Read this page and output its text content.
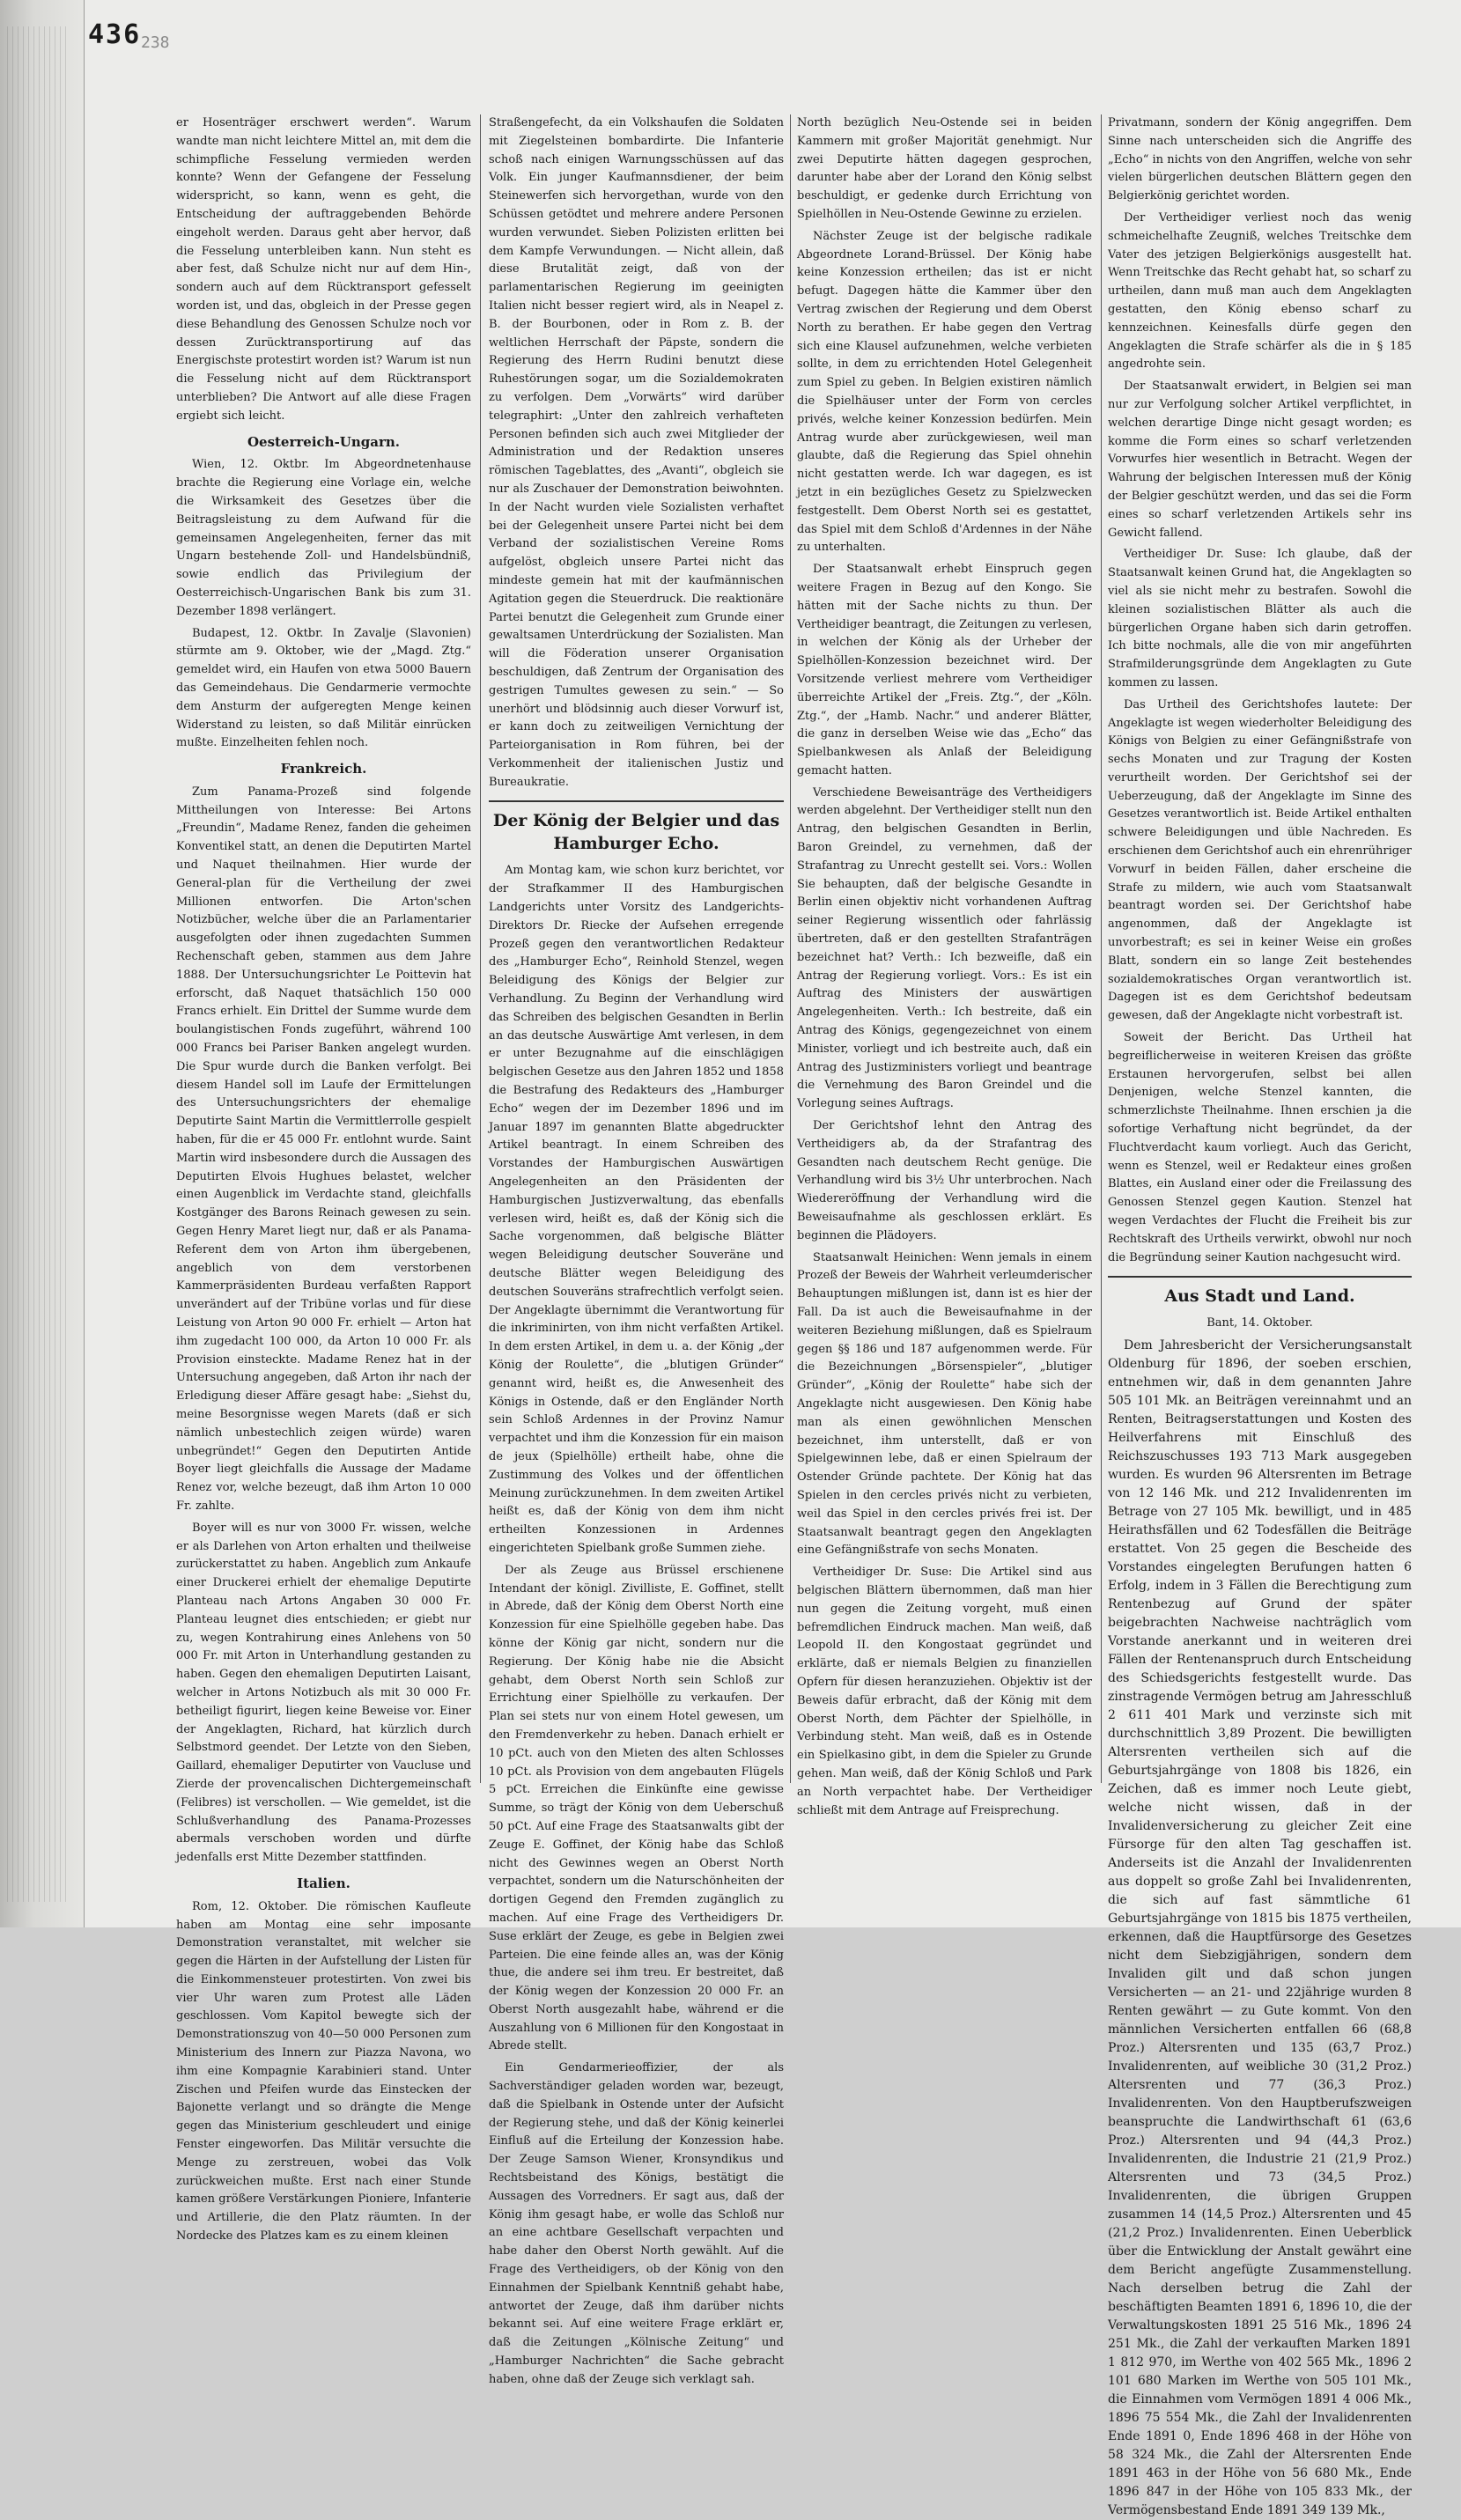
436 238

er Hosenträger erschwert werden“. Warum wandte man nicht leichtere Mittel an, mit dem die schimpfliche Fesselung vermieden werden konnte? Wenn der Gefangene der Fesselung widerspricht, so kann, wenn es geht, die Entscheidung der auftraggebenden Behörde eingeholt werden. Daraus geht aber hervor, daß die Fesselung unterbleiben kann. Nun steht es aber fest, daß Schulze nicht nur auf dem Hin-, sondern auch auf dem Rücktransport gefesselt worden ist, und das, obgleich in der Presse gegen diese Behandlung des Genossen Schulze noch vor dessen Zurücktransportirung auf das Energischste protestirt worden ist? Warum ist nun die Fesselung nicht auf dem Rücktransport unterblieben? Die Antwort auf alle diese Fragen ergiebt sich leicht.

Oesterreich-Ungarn.

Wien, 12. Oktbr. Im Abgeordnetenhause brachte die Regierung eine Vorlage ein, welche die Wirksamkeit des Gesetzes über die Beitragsleistung zu dem Aufwand für die gemeinsamen Angelegenheiten, ferner das mit Ungarn bestehende Zoll- und Handelsbündniß, sowie endlich das Privilegium der Oesterreichisch-Ungarischen Bank bis zum 31. Dezember 1898 verlängert.

Budapest, 12. Oktbr. In Zavalje (Slavonien) stürmte am 9. Oktober, wie der „Magd. Ztg.“ gemeldet wird, ein Haufen von etwa 5000 Bauern das Gemeindehaus. Die Gendarmerie vermochte dem Ansturm der aufgeregten Menge keinen Widerstand zu leisten, so daß Militär einrücken mußte. Einzelheiten fehlen noch.

Frankreich.

Zum Panama-Prozeß sind folgende Mittheilungen von Interesse: Bei Artons „Freundin“, Madame Renez, fanden die geheimen Konventikel statt, an denen die Deputirten Martel und Naquet theilnahmen. Hier wurde der General-plan für die Vertheilung der zwei Millionen entworfen. Die Arton'schen Notizbücher, welche über die an Parlamentarier ausgefolgten oder ihnen zugedachten Summen Rechenschaft geben, stammen aus dem Jahre 1888. Der Untersuchungsrichter Le Poittevin hat erforscht, daß Naquet thatsächlich 150 000 Francs erhielt. Ein Drittel der Summe wurde dem boulangistischen Fonds zugeführt, während 100 000 Francs bei Pariser Banken angelegt wurden. Die Spur wurde durch die Banken verfolgt. Bei diesem Handel soll im Laufe der Ermittelungen des Untersuchungsrichters der ehemalige Deputirte Saint Martin die Vermittlerrolle gespielt haben, für die er 45 000 Fr. entlohnt wurde. Saint Martin wird insbesondere durch die Aussagen des Deputirten Elvois Hughues belastet, welcher einen Augenblick im Verdachte stand, gleichfalls Kostgänger des Barons Reinach gewesen zu sein. Gegen Henry Maret liegt nur, daß er als Panama-Referent dem von Arton ihm übergebenen, angeblich von dem verstorbenen Kammerpräsidenten Burdeau verfaßten Rapport unverändert auf der Tribüne vorlas und für diese Leistung von Arton 90 000 Fr. erhielt — Arton hat ihm zugedacht 100 000, da Arton 10 000 Fr. als Provision einsteckte. Madame Renez hat in der Untersuchung angegeben, daß Arton ihr nach der Erledigung dieser Affäre gesagt habe: „Siehst du, meine Besorgnisse wegen Marets (daß er sich nämlich unbestechlich zeigen würde) waren unbegründet!“ Gegen den Deputirten Antide Boyer liegt gleichfalls die Aussage der Madame Renez vor, welche bezeugt, daß ihm Arton 10 000 Fr. zahlte.

Boyer will es nur von 3000 Fr. wissen, welche er als Darlehen von Arton erhalten und theilweise zurückerstattet zu haben. Angeblich zum Ankaufe einer Druckerei erhielt der ehemalige Deputirte Planteau nach Artons Angaben 30 000 Fr. Planteau leugnet dies entschieden; er giebt nur zu, wegen Kontrahirung eines Anlehens von 50 000 Fr. mit Arton in Unterhandlung gestanden zu haben. Gegen den ehemaligen Deputirten Laisant, welcher in Artons Notizbuch als mit 30 000 Fr. betheiligt figurirt, liegen keine Beweise vor. Einer der Angeklagten, Richard, hat kürzlich durch Selbstmord geendet. Der Letzte von den Sieben, Gaillard, ehemaliger Deputirter von Vaucluse und Zierde der provencalischen Dichtergemeinschaft (Felibres) ist verschollen. — Wie gemeldet, ist die Schlußverhandlung des Panama-Prozesses abermals verschoben worden und dürfte jedenfalls erst Mitte Dezember stattfinden.

Italien.

Rom, 12. Oktober. Die römischen Kaufleute haben am Montag eine sehr imposante Demonstration veranstaltet, mit welcher sie gegen die Härten in der Aufstellung der Listen für die Einkommensteuer protestirten. Von zwei bis vier Uhr waren zum Protest alle Läden geschlossen. Vom Kapitol bewegte sich der Demonstrationszug von 40—50 000 Personen zum Ministerium des Innern zur Piazza Navona, wo ihm eine Kompagnie Karabinieri stand. Unter Zischen und Pfeifen wurde das Einstecken der Bajonette verlangt und so drängte die Menge gegen das Ministerium geschleudert und einige Fenster eingeworfen. Das Militär versuchte die Menge zu zerstreuen, wobei das Volk zurückweichen mußte. Erst nach einer Stunde kamen größere Verstärkungen Pioniere, Infanterie und Artillerie, die den Platz räumten. In der Nordecke des Platzes kam es zu einem kleinen

Straßengefecht, da ein Volkshaufen die Soldaten mit Ziegelsteinen bombardirte. Die Infanterie schoß nach einigen Warnungsschüssen auf das Volk. Ein junger Kaufmannsdiener, der beim Steinewerfen sich hervorgethan, wurde von den Schüssen getödtet und mehrere andere Personen wurden verwundet. Sieben Polizisten erlitten bei dem Kampfe Verwundungen. — Nicht allein, daß diese Brutalität zeigt, daß von der parlamentarischen Regierung im geeinigten Italien nicht besser regiert wird, als in Neapel z. B. der Bourbonen, oder in Rom z. B. der weltlichen Herrschaft der Päpste, sondern die Regierung des Herrn Rudini benutzt diese Ruhestörungen sogar, um die Sozialdemokraten zu verfolgen. Dem „Vorwärts“ wird darüber telegraphirt: „Unter den zahlreich verhafteten Personen befinden sich auch zwei Mitglieder der Administration und der Redaktion unseres römischen Tageblattes, des „Avanti“, obgleich sie nur als Zuschauer der Demonstration beiwohnten. In der Nacht wurden viele Sozialisten verhaftet bei der Gelegenheit unsere Partei nicht bei dem Verband der sozialistischen Vereine Roms aufgelöst, obgleich unsere Partei nicht das mindeste gemein hat mit der kaufmännischen Agitation gegen die Steuerdruck. Die reaktionäre Partei benutzt die Gelegenheit zum Grunde einer gewaltsamen Unterdrückung der Sozialisten. Man will die Föderation unserer Organisation beschuldigen, daß Zentrum der Organisation des gestrigen Tumultes gewesen zu sein.“ — So unerhört und blödsinnig auch dieser Vorwurf ist, er kann doch zu zeitweiligen Vernichtung der Parteiorganisation in Rom führen, bei der Verkommenheit der italienischen Justiz und Bureaukratie.

Der König der Belgier und das Hamburger Echo.

Am Montag kam, wie schon kurz berichtet, vor der Strafkammer II des Hamburgischen Landgerichts unter Vorsitz des Landgerichts-Direktors Dr. Riecke der Aufsehen erregende Prozeß gegen den verantwortlichen Redakteur des „Hamburger Echo“, Reinhold Stenzel, wegen Beleidigung des Königs der Belgier zur Verhandlung. Zu Beginn der Verhandlung wird das Schreiben des belgischen Gesandten in Berlin an das deutsche Auswärtige Amt verlesen, in dem er unter Bezugnahme auf die einschlägigen belgischen Gesetze aus den Jahren 1852 und 1858 die Bestrafung des Redakteurs des „Hamburger Echo“ wegen der im Dezember 1896 und im Januar 1897 im genannten Blatte abgedruckter Artikel beantragt. In einem Schreiben des Vorstandes der Hamburgischen Auswärtigen Angelegenheiten an den Präsidenten der Hamburgischen Justizverwaltung, das ebenfalls verlesen wird, heißt es, daß der König sich die Sache vorgenommen, daß belgische Blätter wegen Beleidigung deutscher Souveräne und deutsche Blätter wegen Beleidigung des deutschen Souveräns strafrechtlich verfolgt seien. Der Angeklagte übernimmt die Verantwortung für die inkriminirten, von ihm nicht verfaßten Artikel. In dem ersten Artikel, in dem u. a. der König „der König der Roulette“, die „blutigen Gründer“ genannt wird, heißt es, die Anwesenheit des Königs in Ostende, daß er den Engländer North sein Schloß Ardennes in der Provinz Namur verpachtet und ihm die Konzession für ein maison de jeux (Spielhölle) ertheilt habe, ohne die Zustimmung des Volkes und der öffentlichen Meinung zurückzunehmen. In dem zweiten Artikel heißt es, daß der König von dem ihm nicht ertheilten Konzessionen in Ardennes eingerichteten Spielbank große Summen ziehe.

Der als Zeuge aus Brüssel erschienene Intendant der königl. Zivilliste, E. Goffinet, stellt in Abrede, daß der König dem Oberst North eine Konzession für eine Spielhölle gegeben habe. Das könne der König gar nicht, sondern nur die Regierung. Der König habe nie die Absicht gehabt, dem Oberst North sein Schloß zur Errichtung einer Spielhölle zu verkaufen. Der Plan sei stets nur von einem Hotel gewesen, um den Fremdenverkehr zu heben. Danach erhielt er 10 pCt. auch von den Mieten des alten Schlosses 10 pCt. als Provision von dem angebauten Flügels 5 pCt. Erreichen die Einkünfte eine gewisse Summe, so trägt der König von dem Ueberschuß 50 pCt. Auf eine Frage des Staatsanwalts gibt der Zeuge E. Goffinet, der König habe das Schloß nicht des Gewinnes wegen an Oberst North verpachtet, sondern um die Naturschönheiten der dortigen Gegend den Fremden zugänglich zu machen. Auf eine Frage des Vertheidigers Dr. Suse erklärt der Zeuge, es gebe in Belgien zwei Parteien. Die eine feinde alles an, was der König thue, die andere sei ihm treu. Er bestreitet, daß der König wegen der Konzession 20 000 Fr. an Oberst North ausgezahlt habe, während er die Auszahlung von 6 Millionen für den Kongostaat in Abrede stellt.

Ein Gendarmerieoffizier, der als Sachverständiger geladen worden war, bezeugt, daß die Spielbank in Ostende unter der Aufsicht der Regierung stehe, und daß der König keinerlei Einfluß auf die Erteilung der Konzession habe. Der Zeuge Samson Wiener, Kronsyndikus und Rechtsbeistand des Königs, bestätigt die Aussagen des Vorredners. Er sagt aus, daß der König ihm gesagt habe, er wolle das Schloß nur an eine achtbare Gesellschaft verpachten und habe daher den Oberst North gewählt. Auf die Frage des Vertheidigers, ob der König von den Einnahmen der Spielbank Kenntniß gehabt habe, antwortet der Zeuge, daß ihm darüber nichts bekannt sei. Auf eine weitere Frage erklärt er, daß die Zeitungen „Kölnische Zeitung“ und „Hamburger Nachrichten“ die Sache gebracht haben, ohne daß der Zeuge sich verklagt sah.

North bezüglich Neu-Ostende sei in beiden Kammern mit großer Majorität genehmigt. Nur zwei Deputirte hätten dagegen gesprochen, darunter habe aber der Lorand den König selbst beschuldigt, er gedenke durch Errichtung von Spielhöllen in Neu-Ostende Gewinne zu erzielen.

Nächster Zeuge ist der belgische radikale Abgeordnete Lorand-Brüssel. Der König habe keine Konzession ertheilen; das ist er nicht befugt. Dagegen hätte die Kammer über den Vertrag zwischen der Regierung und dem Oberst North zu berathen. Er habe gegen den Vertrag sich eine Klausel aufzunehmen, welche verbieten sollte, in dem zu errichtenden Hotel Gelegenheit zum Spiel zu geben. In Belgien existiren nämlich die Spielhäuser unter der Form von cercles privés, welche keiner Konzession bedürfen. Mein Antrag wurde aber zurückgewiesen, weil man glaubte, daß die Regierung das Spiel ohnehin nicht gestatten werde. Ich war dagegen, es ist jetzt in ein bezügliches Gesetz zu Spielzwecken festgestellt. Dem Oberst North sei es gestattet, das Spiel mit dem Schloß d'Ardennes in der Nähe zu unterhalten.

Der Staatsanwalt erhebt Einspruch gegen weitere Fragen in Bezug auf den Kongo. Sie hätten mit der Sache nichts zu thun. Der Vertheidiger beantragt, die Zeitungen zu verlesen, in welchen der König als der Urheber der Spielhöllen-Konzession bezeichnet wird. Der Vorsitzende verliest mehrere vom Vertheidiger überreichte Artikel der „Freis. Ztg.“, der „Köln. Ztg.“, der „Hamb. Nachr.“ und anderer Blätter, die ganz in derselben Weise wie das „Echo“ das Spielbankwesen als Anlaß der Beleidigung gemacht hatten.

Verschiedene Beweisanträge des Vertheidigers werden abgelehnt. Der Vertheidiger stellt nun den Antrag, den belgischen Gesandten in Berlin, Baron Greindel, zu vernehmen, daß der Strafantrag zu Unrecht gestellt sei. Vors.: Wollen Sie behaupten, daß der belgische Gesandte in Berlin einen objektiv nicht vorhandenen Auftrag seiner Regierung wissentlich oder fahrlässig übertreten, daß er den gestellten Strafanträgen bezeichnet hat? Verth.: Ich bezweifle, daß ein Antrag der Regierung vorliegt. Vors.: Es ist ein Auftrag des Ministers der auswärtigen Angelegenheiten. Verth.: Ich bestreite, daß ein Antrag des Königs, gegengezeichnet von einem Minister, vorliegt und ich bestreite auch, daß ein Antrag des Justizministers vorliegt und beantrage die Vernehmung des Baron Greindel und die Vorlegung seines Auftrags.

Der Gerichtshof lehnt den Antrag des Vertheidigers ab, da der Strafantrag des Gesandten nach deutschem Recht genüge. Die Verhandlung wird bis 3½ Uhr unterbrochen. Nach Wiedereröffnung der Verhandlung wird die Beweisaufnahme als geschlossen erklärt. Es beginnen die Plädoyers.

Staatsanwalt Heinichen: Wenn jemals in einem Prozeß der Beweis der Wahrheit verleumderischer Behauptungen mißlungen ist, dann ist es hier der Fall. Da ist auch die Beweisaufnahme in der weiteren Beziehung mißlungen, daß es Spielraum gegen §§ 186 und 187 aufgenommen werde. Für die Bezeichnungen „Börsenspieler“, „blutiger Gründer“, „König der Roulette“ habe sich der Angeklagte nicht ausgewiesen. Den König habe man als einen gewöhnlichen Menschen bezeichnet, ihm unterstellt, daß er von Spielgewinnen lebe, daß er einen Spielraum der Ostender Gründe pachtete. Der König hat das Spielen in den cercles privés nicht zu verbieten, weil das Spiel in den cercles privés frei ist. Der Staatsanwalt beantragt gegen den Angeklagten eine Gefängnißstrafe von sechs Monaten.

Vertheidiger Dr. Suse: Die Artikel sind aus belgischen Blättern übernommen, daß man hier nun gegen die Zeitung vorgeht, muß einen befremdlichen Eindruck machen. Man weiß, daß Leopold II. den Kongostaat gegründet und erklärte, daß er niemals Belgien zu finanziellen Opfern für diesen heranzuziehen. Objektiv ist der Beweis dafür erbracht, daß der König mit dem Oberst North, dem Pächter der Spielhölle, in Verbindung steht. Man weiß, daß es in Ostende ein Spielkasino gibt, in dem die Spieler zu Grunde gehen. Man weiß, daß der König Schloß und Park an North verpachtet habe. Der Vertheidiger schließt mit dem Antrage auf Freisprechung.

Privatmann, sondern der König angegriffen. Dem Sinne nach unterscheiden sich die Angriffe des „Echo“ in nichts von den Angriffen, welche von sehr vielen bürgerlichen deutschen Blättern gegen den Belgierkönig gerichtet worden.

Der Vertheidiger verliest noch das wenig schmeichelhafte Zeugniß, welches Treitschke dem Vater des jetzigen Belgierkönigs ausgestellt hat. Wenn Treitschke das Recht gehabt hat, so scharf zu urtheilen, dann muß man auch dem Angeklagten gestatten, den König ebenso scharf zu kennzeichnen. Keinesfalls dürfe gegen den Angeklagten die Strafe schärfer als die in § 185 angedrohte sein.

Der Staatsanwalt erwidert, in Belgien sei man nur zur Verfolgung solcher Artikel verpflichtet, in welchen derartige Dinge nicht gesagt worden; es komme die Form eines so scharf verletzenden Vorwurfes hier wesentlich in Betracht. Wegen der Wahrung der belgischen Interessen muß der König der Belgier geschützt werden, und das sei die Form eines so scharf verletzenden Artikels sehr ins Gewicht fallend.

Vertheidiger Dr. Suse: Ich glaube, daß der Staatsanwalt keinen Grund hat, die Angeklagten so viel als sie nicht mehr zu bestrafen. Sowohl die kleinen sozialistischen Blätter als auch die bürgerlichen Organe haben sich darin getroffen. Ich bitte nochmals, alle die von mir angeführten Strafmilderungsgründe dem Angeklagten zu Gute kommen zu lassen.

Das Urtheil des Gerichtshofes lautete: Der Angeklagte ist wegen wiederholter Beleidigung des Königs von Belgien zu einer Gefängnißstrafe von sechs Monaten und zur Tragung der Kosten verurtheilt worden. Der Gerichtshof sei der Ueberzeugung, daß der Angeklagte im Sinne des Gesetzes verantwortlich ist. Beide Artikel enthalten schwere Beleidigungen und üble Nachreden. Es erschienen dem Gerichtshof auch ein ehrenrühriger Vorwurf in beiden Fällen, daher erscheine die Strafe zu mildern, wie auch vom Staatsanwalt beantragt worden sei. Der Gerichtshof habe angenommen, daß der Angeklagte ist unvorbestraft; es sei in keiner Weise ein großes Blatt, sondern ein so lange Zeit bestehendes sozialdemokratisches Organ verantwortlich ist. Dagegen ist es dem Gerichtshof bedeutsam gewesen, daß der Angeklagte nicht vorbestraft ist.

Soweit der Bericht. Das Urtheil hat begreiflicherweise in weiteren Kreisen das größte Erstaunen hervorgerufen, selbst bei allen Denjenigen, welche Stenzel kannten, die schmerzlichste Theilnahme. Ihnen erschien ja die sofortige Verhaftung nicht begründet, da der Fluchtverdacht kaum vorliegt. Auch das Gericht, wenn es Stenzel, weil er Redakteur eines großen Blattes, ein Ausland einer oder die Freilassung des Genossen Stenzel gegen Kaution. Stenzel hat wegen Verdachtes der Flucht die Freiheit bis zur Rechtskraft des Urtheils verwirkt, obwohl nur noch die Begründung seiner Kaution nachgesucht wird.

Aus Stadt und Land.

Bant, 14. Oktober.

Dem Jahresbericht der Versicherungsanstalt Oldenburg für 1896, der soeben erschien, entnehmen wir, daß in dem genannten Jahre 505 101 Mk. an Beiträgen vereinnahmt und an Renten, Beitragserstattungen und Kosten des Heilverfahrens mit Einschluß des Reichszuschusses 193 713 Mark ausgegeben wurden. Es wurden 96 Altersrenten im Betrage von 12 146 Mk. und 212 Invalidenrenten im Betrage von 27 105 Mk. bewilligt, und in 485 Heirathsfällen und 62 Todesfällen die Beiträge erstattet. Von 25 gegen die Bescheide des Vorstandes eingelegten Berufungen hatten 6 Erfolg, indem in 3 Fällen die Berechtigung zum Rentenbezug auf Grund der später beigebrachten Nachweise nachträglich vom Vorstande anerkannt und in weiteren drei Fällen der Rentenanspruch durch Entscheidung des Schiedsgerichts festgestellt wurde. Das zinstragende Vermögen betrug am Jahresschluß 2 611 401 Mark und verzinste sich mit durchschnittlich 3,89 Prozent. Die bewilligten Altersrenten vertheilen sich auf die Geburtsjahrgänge von 1808 bis 1826, ein Zeichen, daß es immer noch Leute giebt, welche nicht wissen, daß in der Invalidenversicherung zu gleicher Zeit eine Fürsorge für den alten Tag geschaffen ist. Anderseits ist die Anzahl der Invalidenrenten aus doppelt so große Zahl bei Invalidenrenten, die sich auf fast sämmtliche 61 Geburtsjahrgänge von 1815 bis 1875 vertheilen, erkennen, daß die Hauptfürsorge des Gesetzes nicht dem Siebzigjährigen, sondern dem Invaliden gilt und daß schon jungen Versicherten — an 21- und 22jährige wurden 8 Renten gewährt — zu Gute kommt. Von den männlichen Versicherten entfallen 66 (68,8 Proz.) Altersrenten und 135 (63,7 Proz.) Invalidenrenten, auf weibliche 30 (31,2 Proz.) Altersrenten und 77 (36,3 Proz.) Invalidenrenten. Von den Hauptberufszweigen beanspruchte die Landwirthschaft 61 (63,6 Proz.) Altersrenten und 94 (44,3 Proz.) Invalidenrenten, die Industrie 21 (21,9 Proz.) Altersrenten und 73 (34,5 Proz.) Invalidenrenten, die übrigen Gruppen zusammen 14 (14,5 Proz.) Altersrenten und 45 (21,2 Proz.) Invalidenrenten. Einen Ueberblick über die Entwicklung der Anstalt gewährt eine dem Bericht angefügte Zusammenstellung. Nach derselben betrug die Zahl der beschäftigten Beamten 1891 6, 1896 10, die der Verwaltungskosten 1891 25 516 Mk., 1896 24 251 Mk., die Zahl der verkauften Marken 1891 1 812 970, im Werthe von 402 565 Mk., 1896 2 101 680 Marken im Werthe von 505 101 Mk., die Einnahmen vom Vermögen 1891 4 006 Mk., 1896 75 554 Mk., die Zahl der Invalidenrenten Ende 1891 0, Ende 1896 468 in der Höhe von 58 324 Mk., die Zahl der Altersrenten Ende 1891 463 in der Höhe von 56 680 Mk., Ende 1896 847 in der Höhe von 105 833 Mk., der Vermögensbestand Ende 1891 349 139 Mk.,
